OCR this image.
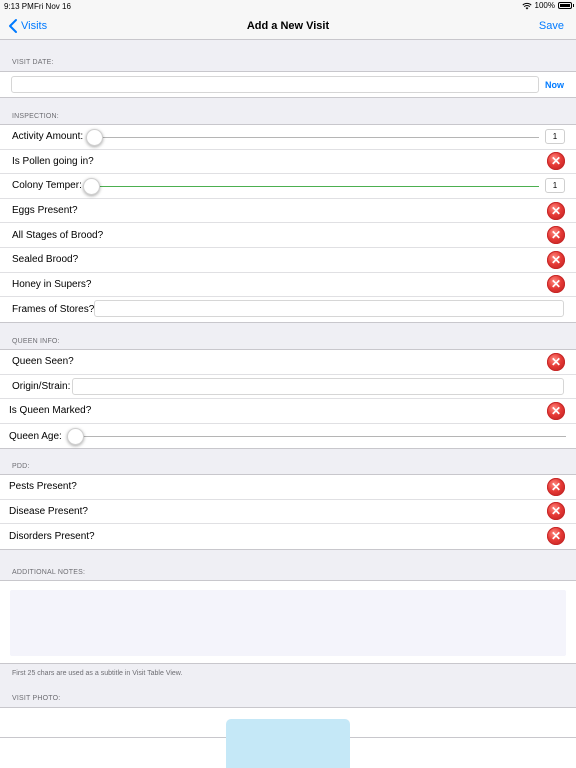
9:13 PM Fri Nov 16	100%
Visits	Add a New Visit	Save
VISIT DATE:
Now
INSPECTION:
Activity Amount:	1
Is Pollen going in?	✕
Colony Temper:	1
Eggs Present?	✕
All Stages of Brood?	✕
Sealed Brood?	✕
Honey in Supers?	✕
Frames of Stores?
QUEEN INFO:
Queen Seen?	✕
Origin/Strain:
Is Queen Marked?	✕
Queen Age:
PDD:
Pests Present?	✕
Disease Present?	✕
Disorders Present?	✕
ADDITIONAL NOTES:
First 25 chars are used as a subtitle in Visit Table View.
VISIT PHOTO:
